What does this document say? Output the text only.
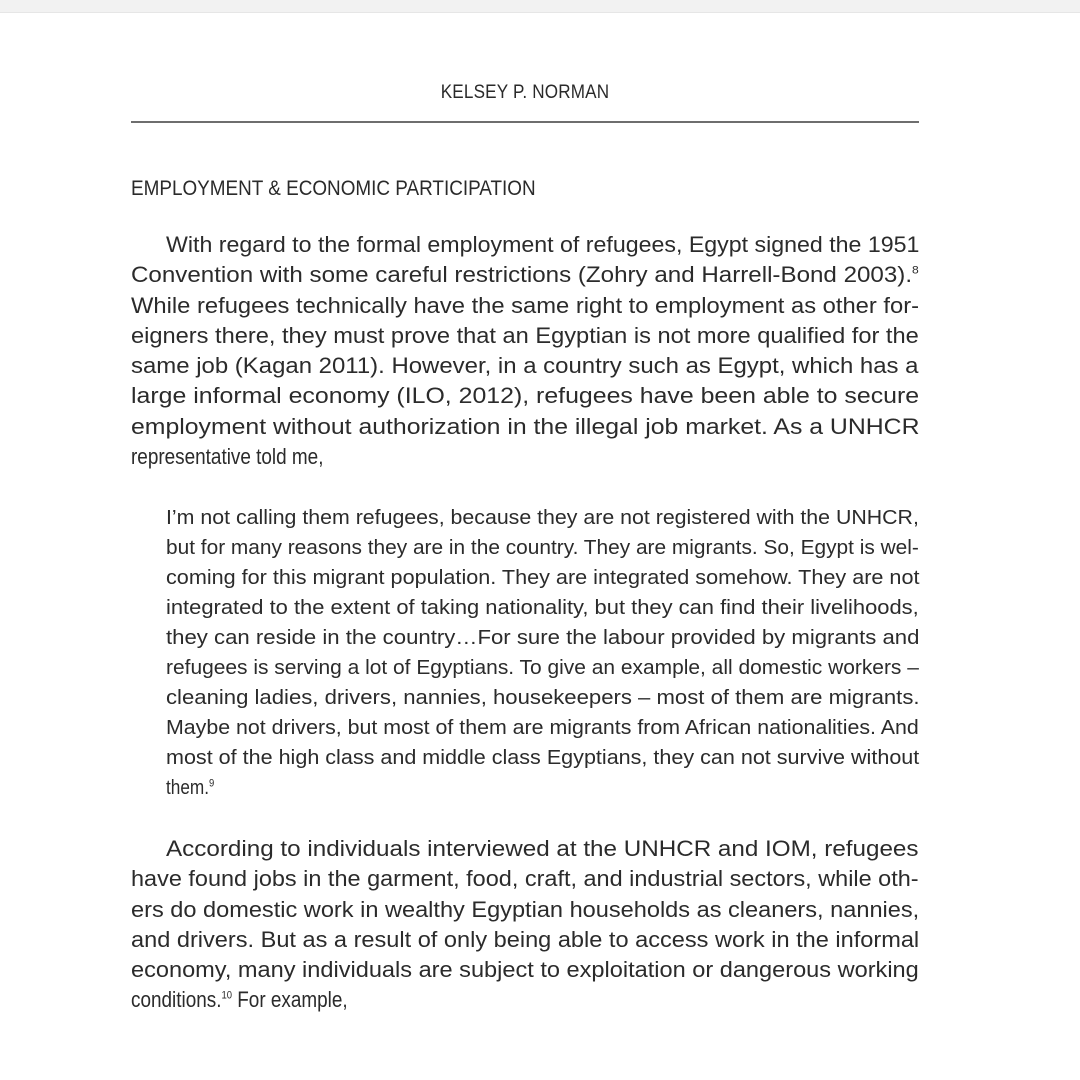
KELSEY P. NORMAN
EMPLOYMENT & ECONOMIC PARTICIPATION
With regard to the formal employment of refugees, Egypt signed the 1951
Convention with some careful restrictions (Zohry and Harrell-Bond 2003).$^8$
While refugees technically have the same right to employment as other for-
eigners there, they must prove that an Egyptian is not more qualified for the
same job (Kagan 2011). However, in a country such as Egypt, which has a
large informal economy (ILO, 2012), refugees have been able to secure
employment without authorization in the illegal job market. As a UNHCR
representative told me,
I’m not calling them refugees, because they are not registered with the UNHCR,
but for many reasons they are in the country. They are migrants. So, Egypt is wel-
coming for this migrant population. They are integrated somehow. They are not
integrated to the extent of taking nationality, but they can find their livelihoods,
they can reside in the country…For sure the labour provided by migrants and
refugees is serving a lot of Egyptians. To give an example, all domestic workers –
cleaning ladies, drivers, nannies, housekeepers – most of them are migrants.
Maybe not drivers, but most of them are migrants from African nationalities. And
most of the high class and middle class Egyptians, they can not survive without
them.$^9$
According to individuals interviewed at the UNHCR and IOM, refugees
have found jobs in the garment, food, craft, and industrial sectors, while oth-
ers do domestic work in wealthy Egyptian households as cleaners, nannies,
and drivers. But as a result of only being able to access work in the informal
economy, many individuals are subject to exploitation or dangerous working
conditions.$^{10}$ For example,
